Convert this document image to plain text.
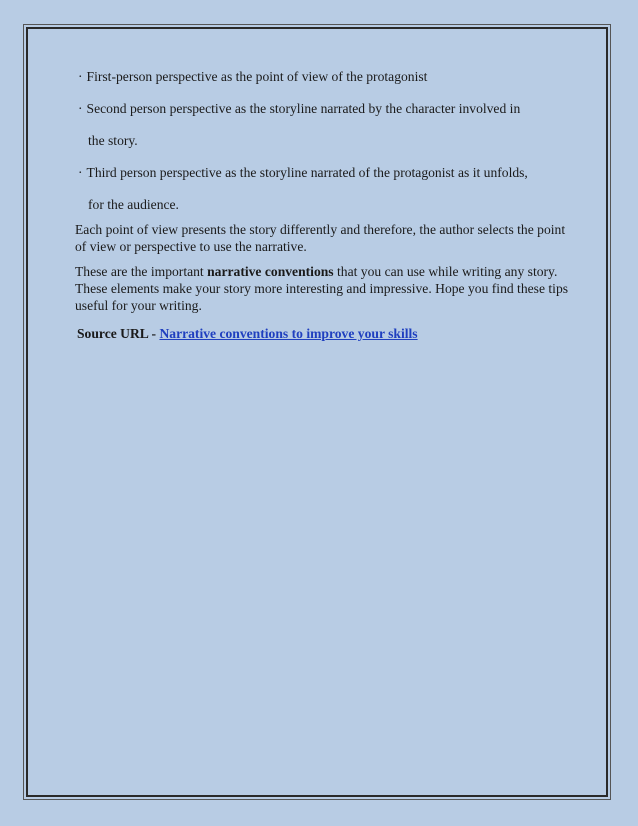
· First-person perspective as the point of view of the protagonist

· Second person perspective as the storyline narrated by the character involved in
the story.

· Third person perspective as the storyline narrated of the protagonist as it unfolds,
for the audience.

Each point of view presents the story differently and therefore, the author selects the point of view or perspective to use the narrative.

These are the important narrative conventions that you can use while writing any story. These elements make your story more interesting and impressive. Hope you find these tips useful for your writing.

Source URL - Narrative conventions to improve your skills
